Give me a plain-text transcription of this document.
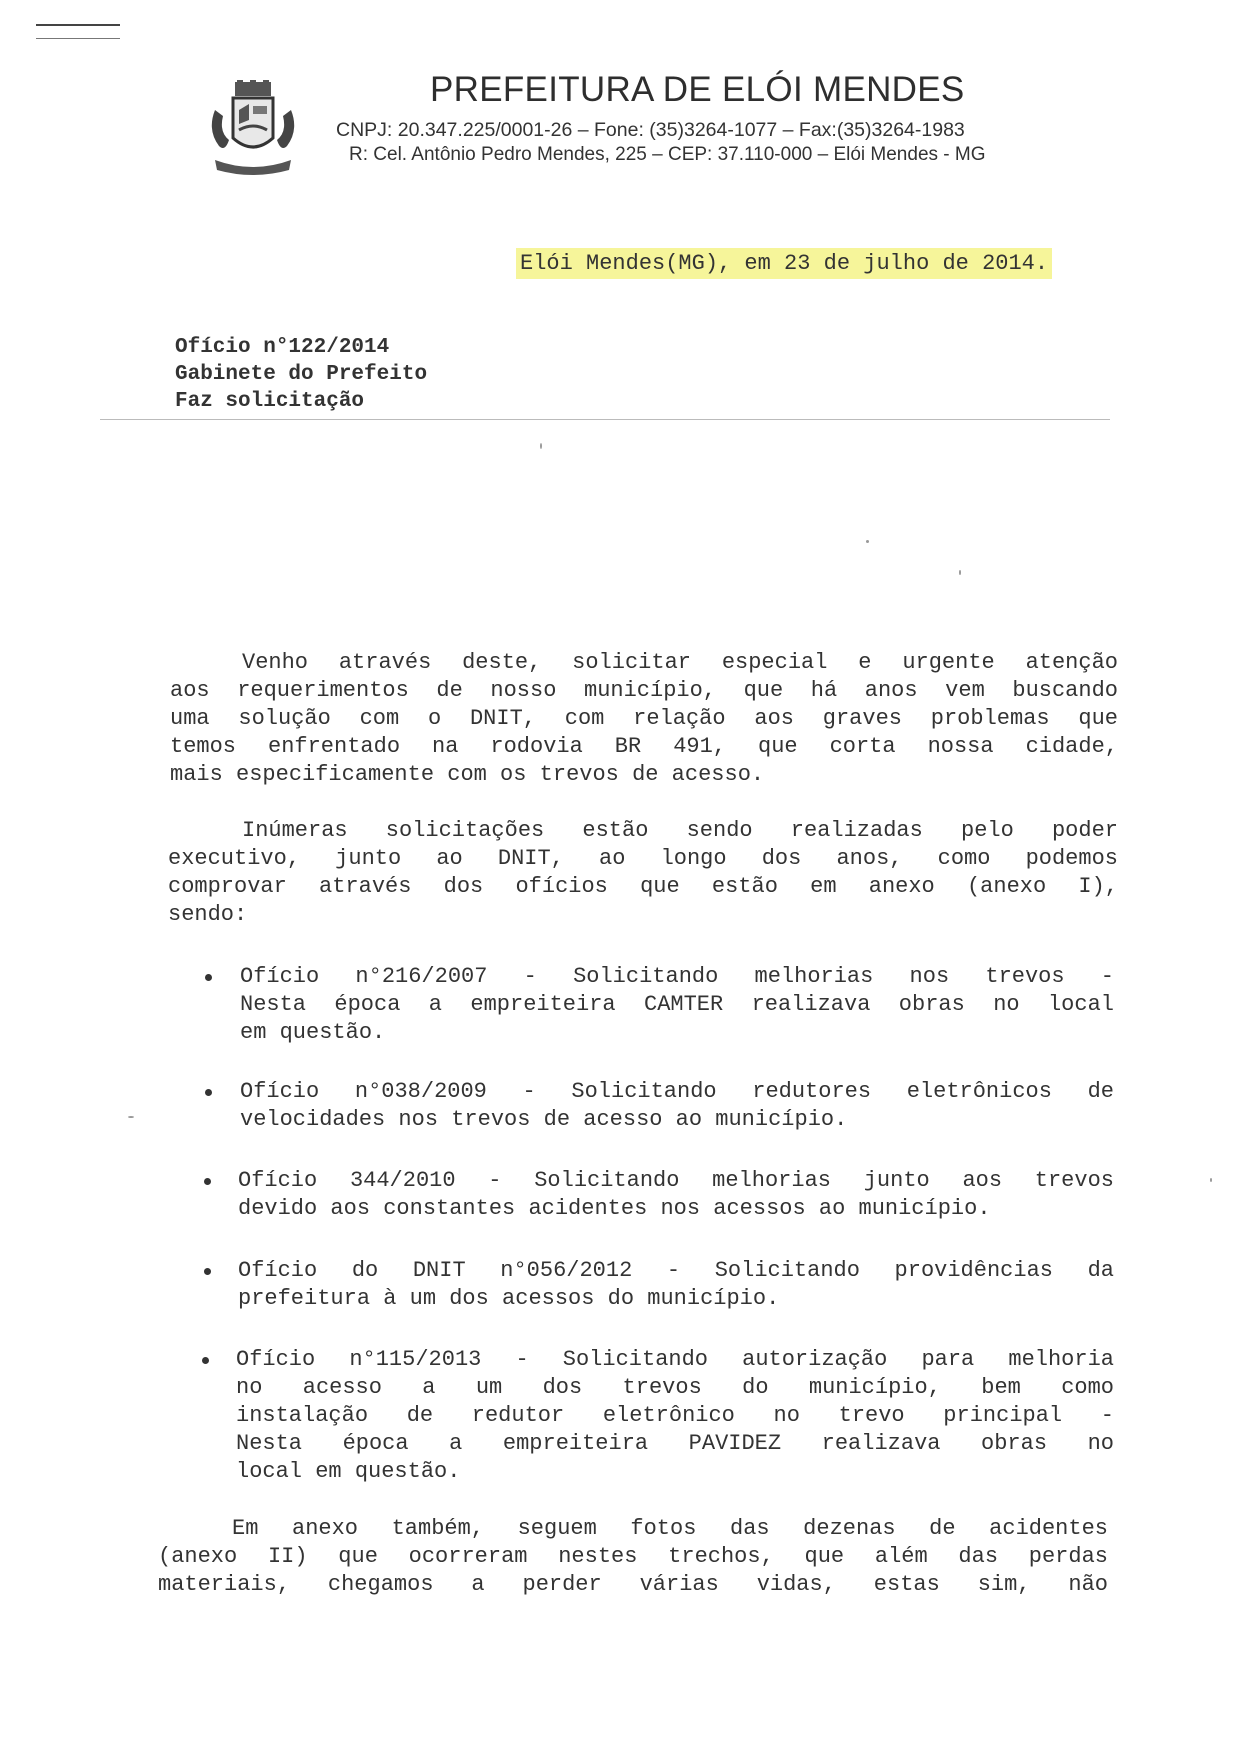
PREFEITURA DE ELÓI MENDES
CNPJ: 20.347.225/0001-26 – Fone: (35)3264-1077 – Fax:(35)3264-1983
R: Cel. Antônio Pedro Mendes, 225 – CEP: 37.110-000 – Elói Mendes - MG
Elói Mendes(MG), em 23 de julho de 2014.
Ofício n°122/2014
Gabinete do Prefeito
Faz solicitação
Venho através deste, solicitar especial e urgente atenção
aos requerimentos de nosso município, que há anos vem buscando
uma solução com o DNIT, com relação aos graves problemas que
temos enfrentado na rodovia BR 491, que corta nossa cidade,
mais especificamente com os trevos de acesso.
Inúmeras solicitações estão sendo realizadas pelo poder
executivo, junto ao DNIT, ao longo dos anos, como podemos
comprovar através dos ofícios que estão em anexo (anexo I),
sendo:
Ofício n°216/2007 - Solicitando melhorias nos trevos -
Nesta época a empreiteira CAMTER realizava obras no local
em questão.
Ofício n°038/2009 - Solicitando redutores eletrônicos de
velocidades nos trevos de acesso ao município.
Ofício 344/2010 - Solicitando melhorias junto aos trevos
devido aos constantes acidentes nos acessos ao município.
Ofício do DNIT n°056/2012 - Solicitando providências da
prefeitura à um dos acessos do município.
Ofício n°115/2013 - Solicitando autorização para melhoria
no acesso a um dos trevos do município, bem como
instalação de redutor eletrônico no trevo principal -
Nesta época a empreiteira PAVIDEZ realizava obras no
local em questão.
Em anexo também, seguem fotos das dezenas de acidentes
(anexo II) que ocorreram nestes trechos, que além das perdas
materiais, chegamos a perder várias vidas, estas sim, não
